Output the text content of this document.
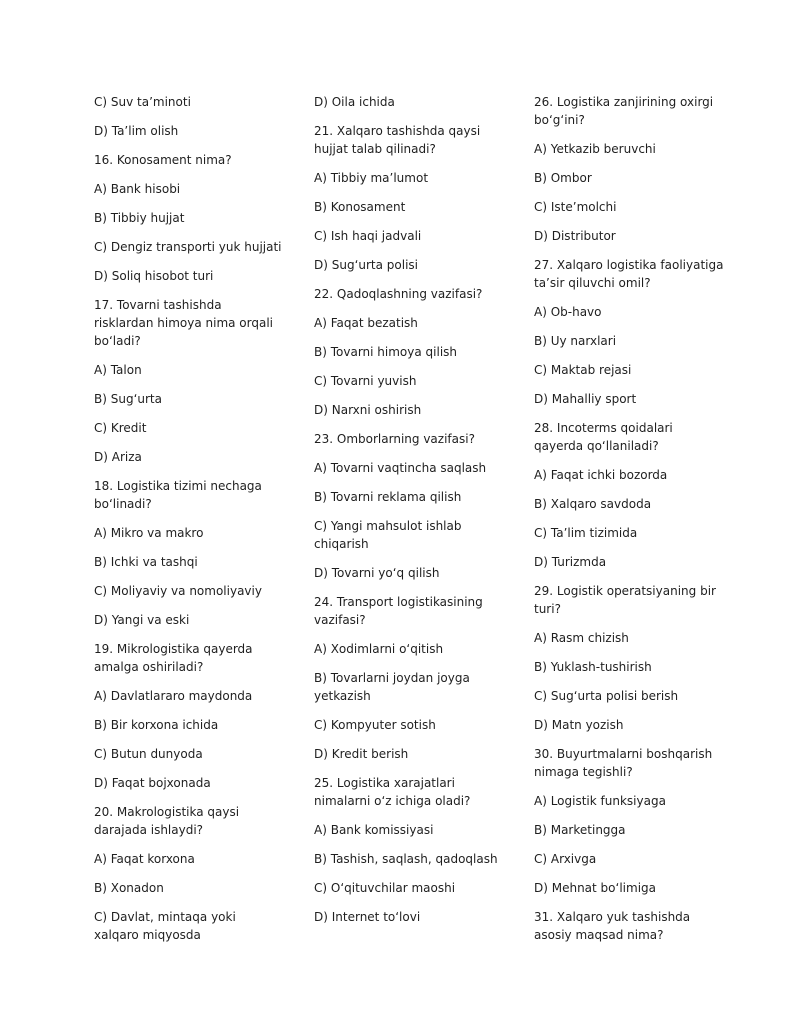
C) Suv ta’minoti
D) Ta’lim olish
16. Konosament nima?
A) Bank hisobi
B) Tibbiy hujjat
C) Dengiz transporti yuk hujjati
D) Soliq hisobot turi
17. Tovarni tashishda risklardan himoya nima orqali bo‘ladi?
A) Talon
B) Sug‘urta
C) Kredit
D) Ariza
18. Logistika tizimi nechaga bo‘linadi?
A) Mikro va makro
B) Ichki va tashqi
C) Moliyaviy va nomoliyaviy
D) Yangi va eski
19. Mikrologistika qayerda amalga oshiriladi?
A) Davlatlararo maydonda
B) Bir korxona ichida
C) Butun dunyoda
D) Faqat bojxonada
20. Makrologistika qaysi darajada ishlaydi?
A) Faqat korxona
B) Xonadon
C) Davlat, mintaqa yoki xalqaro miqyosda
D) Oila ichida
21. Xalqaro tashishda qaysi hujjat talab qilinadi?
A) Tibbiy ma’lumot
B) Konosament
C) Ish haqi jadvali
D) Sug‘urta polisi
22. Qadoqlashning vazifasi?
A) Faqat bezatish
B) Tovarni himoya qilish
C) Tovarni yuvish
D) Narxni oshirish
23. Omborlarning vazifasi?
A) Tovarni vaqtincha saqlash
B) Tovarni reklama qilish
C) Yangi mahsulot ishlab chiqarish
D) Tovarni yo‘q qilish
24. Transport logistikasining vazifasi?
A) Xodimlarni o‘qitish
B) Tovarlarni joydan joyga yetkazish
C) Kompyuter sotish
D) Kredit berish
25. Logistika xarajatlari nimalarni o‘z ichiga oladi?
A) Bank komissiyasi
B) Tashish, saqlash, qadoqlash
C) O‘qituvchilar maoshi
D) Internet to‘lovi
26. Logistika zanjirining oxirgi bo‘g‘ini?
A) Yetkazib beruvchi
B) Ombor
C) Iste’molchi
D) Distributor
27. Xalqaro logistika faoliyatiga ta’sir qiluvchi omil?
A) Ob-havo
B) Uy narxlari
C) Maktab rejasi
D) Mahalliy sport
28. Incoterms qoidalari qayerda qo‘llaniladi?
A) Faqat ichki bozorda
B) Xalqaro savdoda
C) Ta’lim tizimida
D) Turizmda
29. Logistik operatsiyaning bir turi?
A) Rasm chizish
B) Yuklash-tushirish
C) Sug‘urta polisi berish
D) Matn yozish
30. Buyurtmalarni boshqarish nimaga tegishli?
A) Logistik funksiyaga
B) Marketingga
C) Arxivga
D) Mehnat bo‘limiga
31. Xalqaro yuk tashishda asosiy maqsad nima?
